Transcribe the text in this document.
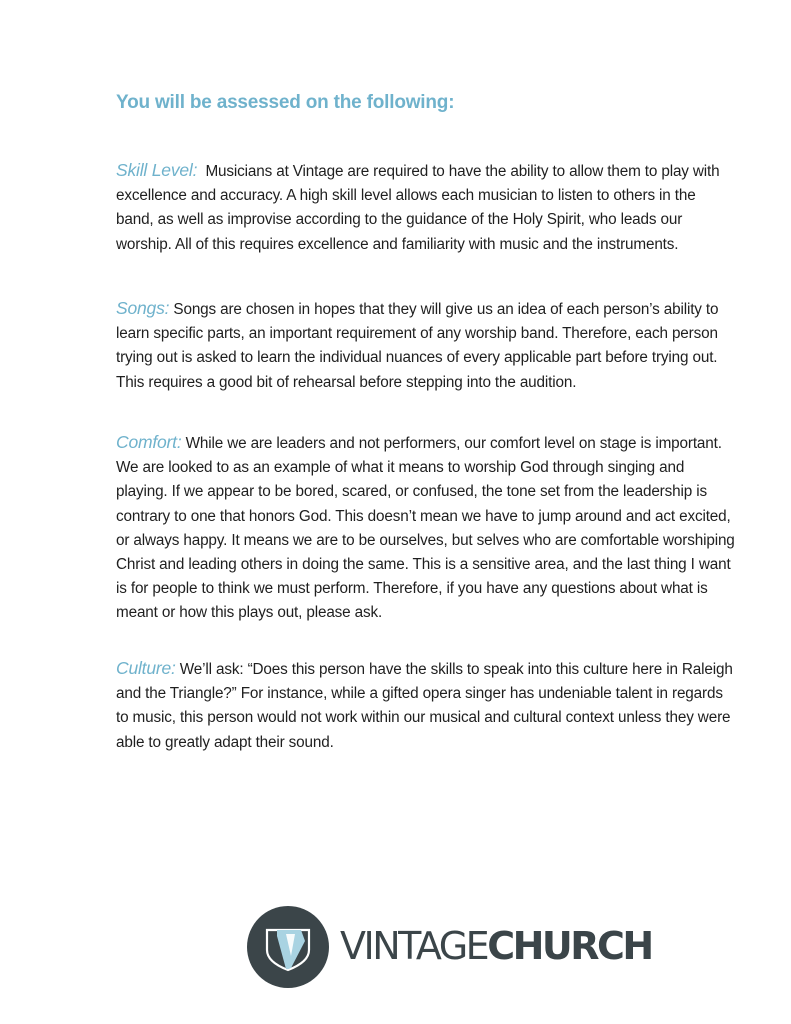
You will be assessed on the following:

Skill Level: Musicians at Vintage are required to have the ability to allow them to play with excellence and accuracy. A high skill level allows each musician to listen to others in the band, as well as improvise according to the guidance of the Holy Spirit, who leads our worship. All of this requires excellence and familiarity with music and the instruments.

Songs: Songs are chosen in hopes that they will give us an idea of each person’s ability to learn specific parts, an important requirement of any worship band. Therefore, each person trying out is asked to learn the individual nuances of every applicable part before trying out. This requires a good bit of rehearsal before stepping into the audition.

Comfort: While we are leaders and not performers, our comfort level on stage is important. We are looked to as an example of what it means to worship God through singing and playing. If we appear to be bored, scared, or confused, the tone set from the leadership is contrary to one that honors God. This doesn’t mean we have to jump around and act excited, or always happy. It means we are to be ourselves, but selves who are comfortable worshiping Christ and leading others in doing the same. This is a sensitive area, and the last thing I want is for people to think we must perform. Therefore, if you have any questions about what is meant or how this plays out, please ask.

Culture: We’ll ask: “Does this person have the skills to speak into this culture here in Raleigh and the Triangle?” For instance, while a gifted opera singer has undeniable talent in regards to music, this person would not work within our musical and cultural context unless they were able to greatly adapt their sound.

VINTAGECHURCH
